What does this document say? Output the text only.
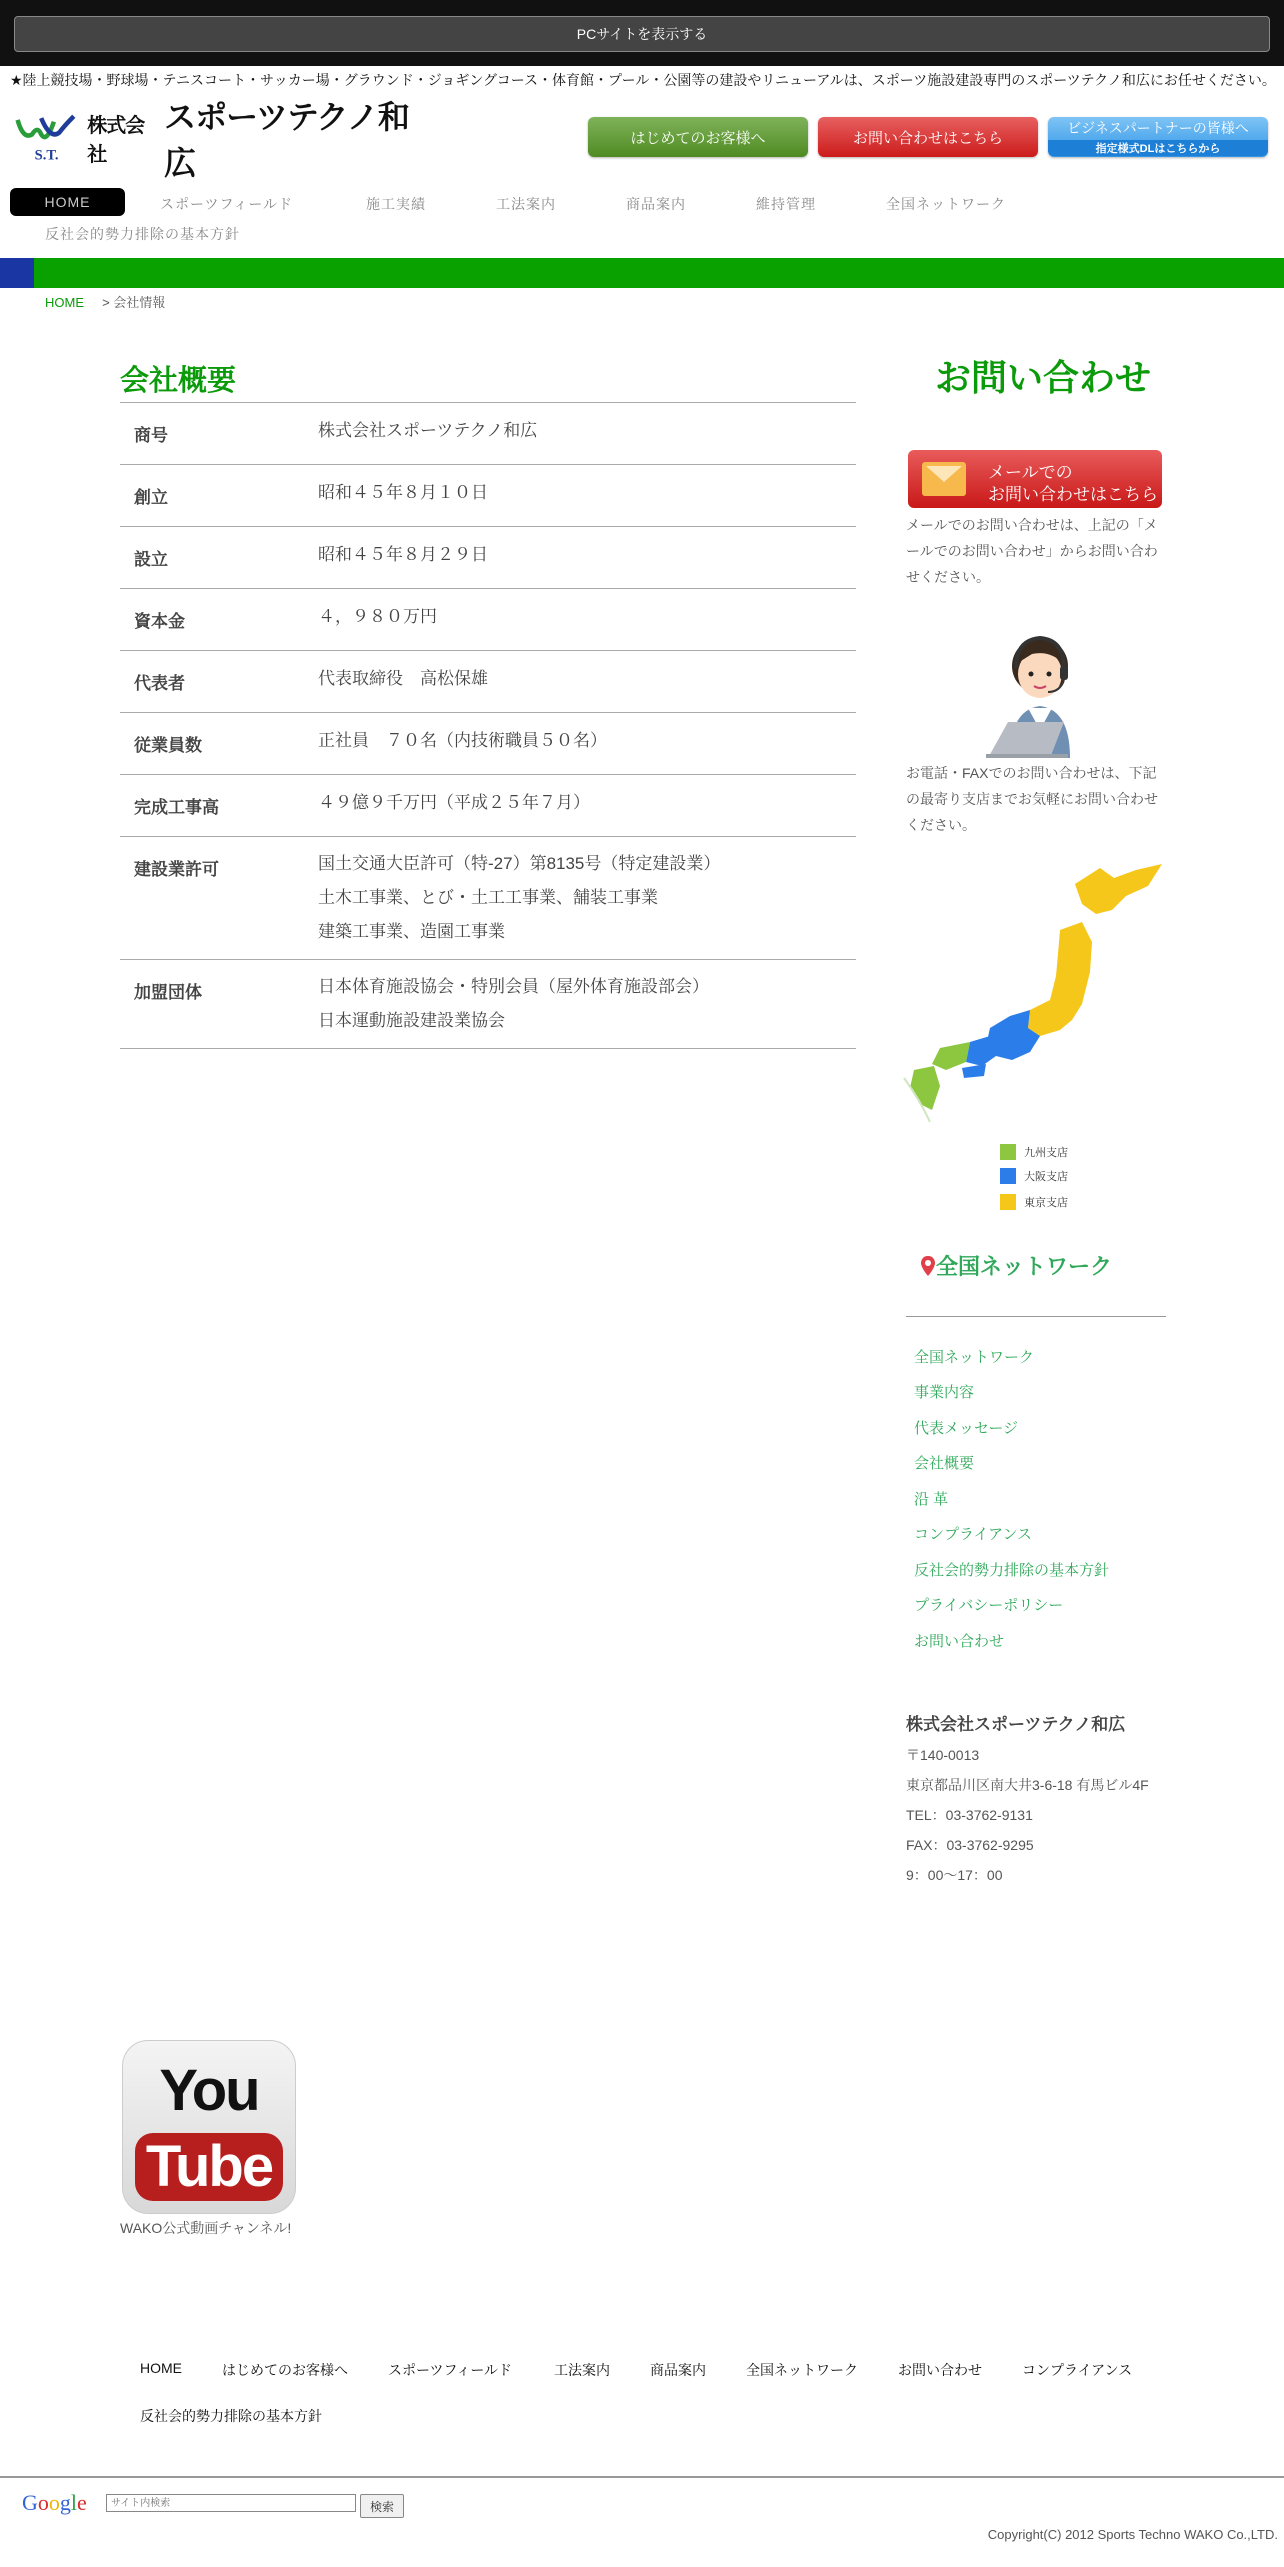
PCサイトを表示する
★陸上競技場・野球場・テニスコート・サッカー場・グラウンド・ジョギングコース・体育館・プール・公園等の建設やリニューアルは、スポーツ施設建設専門のスポーツテクノ和広にお任せください。
S.T.
株式会社
スポーツテクノ和広
はじめてのお客様へ	お問い合わせはこちら
ビジネスパートナーの皆様へ
指定様式DLはこちらから
HOME	スポーツフィールド	施工実績	工法案内	商品案内	維持管理	全国ネットワーク
反社会的勢力排除の基本方針
HOME > 会社情報
会社概要
商号	株式会社スポーツテクノ和広
創立	昭和４５年８月１０日
設立	昭和４５年８月２９日
資本金	４，９８０万円
代表者	代表取締役　高松保雄
従業員数	正社員　７０名（内技術職員５０名）
完成工事高	４９億９千万円（平成２５年７月）
建設業許可	国土交通大臣許可（特-27）第8135号（特定建設業）
土木工事業、とび・土工工事業、舗装工事業
建築工事業、造園工事業
加盟団体	日本体育施設協会・特別会員（屋外体育施設部会）
日本運動施設建設業協会
お問い合わせ
メールでの
お問い合わせはこちら
メールでのお問い合わせは、上記の「メールでのお問い合わせ」からお問い合わせください。
お電話・FAXでのお問い合わせは、下記の最寄り支店までお気軽にお問い合わせください。
九州支店
大阪支店
東京支店
全国ネットワーク
全国ネットワーク
事業内容
代表メッセージ
会社概要
沿 革
コンプライアンス
反社会的勢力排除の基本方針
プライバシーポリシー
お問い合わせ
株式会社スポーツテクノ和広
〒140-0013
東京都品川区南大井3-6-18 有馬ビル4F
TEL：03-3762-9131
FAX：03-3762-9295
9：00〜17：00
You
Tube
WAKO公式動画チャンネル!
HOME	はじめてのお客様へ	スポーツフィールド	工法案内	商品案内	全国ネットワーク	お問い合わせ	コンプライアンス
反社会的勢力排除の基本方針
Google
サイト内検索	検索
Copyright(C) 2012 Sports Techno WAKO Co.,LTD.
